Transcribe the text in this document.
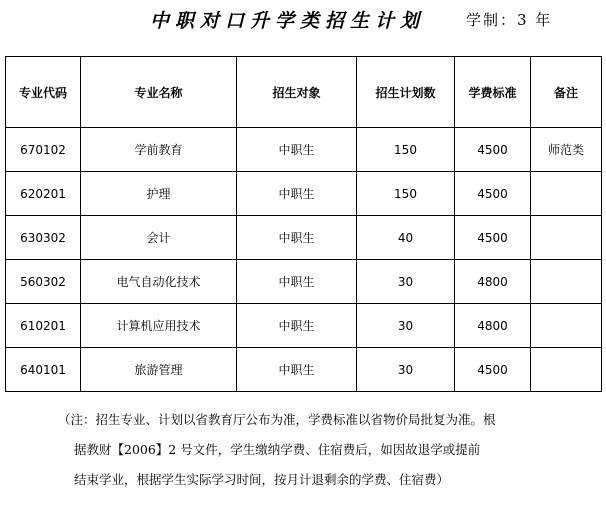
中职对口升学类招生计划	学制：3 年
专业代码	专业名称	招生对象	招生计划数	学费标准	备注
670102	学前教育	中职生	150	4500	师范类
620201	护理	中职生	150	4500	
630302	会计	中职生	40	4500	
560302	电气自动化技术	中职生	30	4800	
610201	计算机应用技术	中职生	30	4800	
640101	旅游管理	中职生	30	4500	
（注：招生专业、计划以省教育厅公布为准，学费标准以省物价局批复为准。根
据教财【2006】2 号文件，学生缴纳学费、住宿费后，如因故退学或提前
结束学业，根据学生实际学习时间，按月计退剩余的学费、住宿费）
